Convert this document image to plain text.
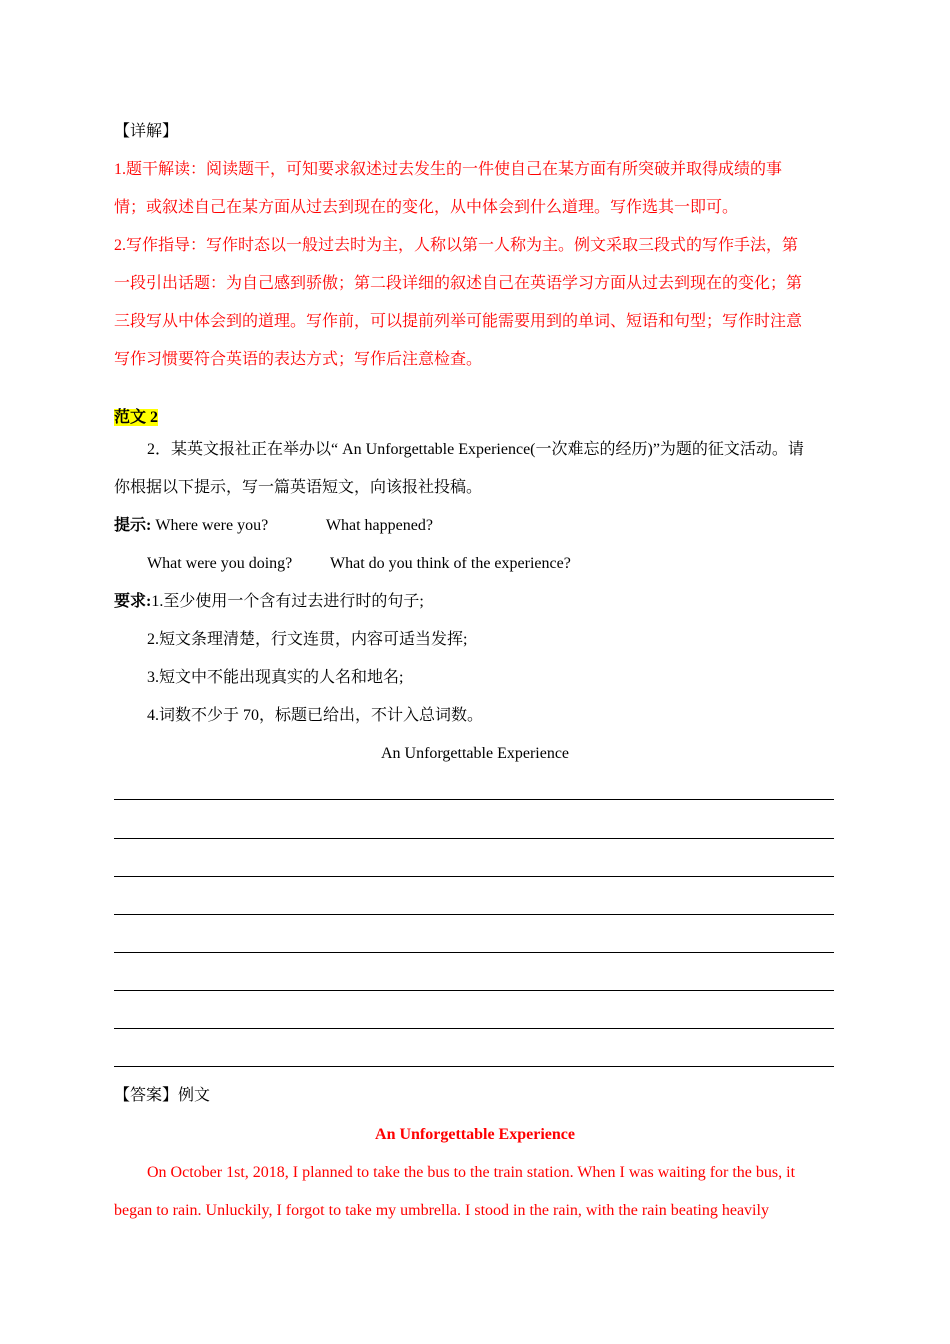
【详解】
1.题干解读：阅读题干，可知要求叙述过去发生的一件使自己在某方面有所突破并取得成绩的事
情；或叙述自己在某方面从过去到现在的变化，从中体会到什么道理。写作选其一即可。
2.写作指导：写作时态以一般过去时为主，人称以第一人称为主。例文采取三段式的写作手法，第
一段引出话题：为自己感到骄傲；第二段详细的叙述自己在英语学习方面从过去到现在的变化；第
三段写从中体会到的道理。写作前，可以提前列举可能需要用到的单词、短语和句型；写作时注意
写作习惯要符合英语的表达方式；写作后注意检查。
范文 2
2．某英文报社正在举办以“ An Unforgettable Experience(一次难忘的经历)”为题的征文活动。请
你根据以下提示，写一篇英语短文，向该报社投稿。
提示: Where were you?	What happened?
What were you doing? What do you think of the experience?
要求:1.至少使用一个含有过去进行时的句子;
2.短文条理清楚，行文连贯，内容可适当发挥;
3.短文中不能出现真实的人名和地名;
4.词数不少于 70，标题已给出，不计入总词数。
An Unforgettable Experience
【答案】例文
An Unforgettable Experience
On October 1st, 2018, I planned to take the bus to the train station. When I was waiting for the bus, it
began to rain. Unluckily, I forgot to take my umbrella. I stood in the rain, with the rain beating heavily
